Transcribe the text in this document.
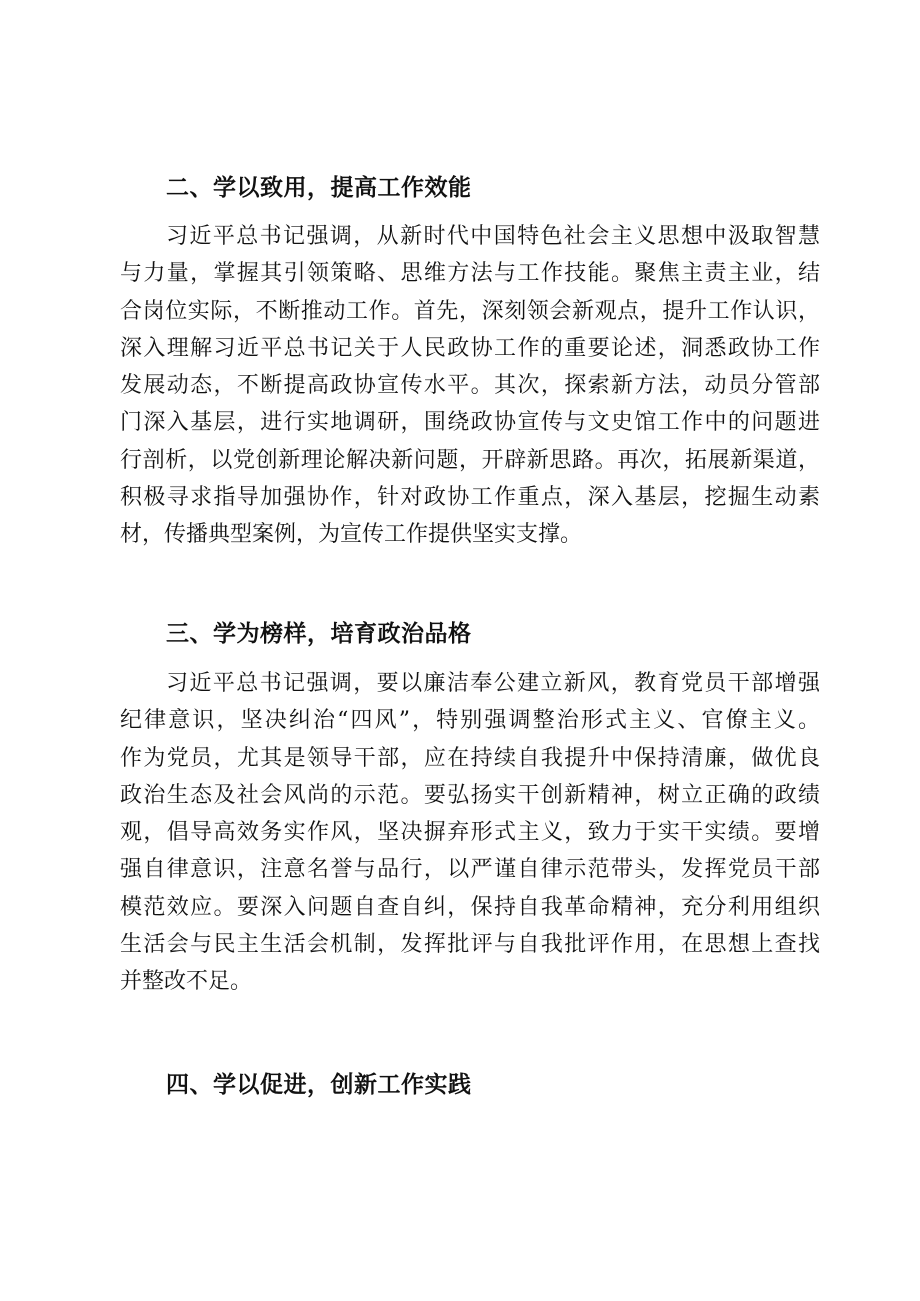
二、学以致用，提高工作效能
习近平总书记强调，从新时代中国特色社会主义思想中汲取智慧
与力量，掌握其引领策略、思维方法与工作技能。聚焦主责主业，结
合岗位实际，不断推动工作。首先，深刻领会新观点，提升工作认识，
深入理解习近平总书记关于人民政协工作的重要论述，洞悉政协工作
发展动态，不断提高政协宣传水平。其次，探索新方法，动员分管部
门深入基层，进行实地调研，围绕政协宣传与文史馆工作中的问题进
行剖析，以党创新理论解决新问题，开辟新思路。再次，拓展新渠道，
积极寻求指导加强协作，针对政协工作重点，深入基层，挖掘生动素
材，传播典型案例，为宣传工作提供坚实支撑。
三、学为榜样，培育政治品格
习近平总书记强调，要以廉洁奉公建立新风，教育党员干部增强
纪律意识，坚决纠治“四风”，特别强调整治形式主义、官僚主义。
作为党员，尤其是领导干部，应在持续自我提升中保持清廉，做优良
政治生态及社会风尚的示范。要弘扬实干创新精神，树立正确的政绩
观，倡导高效务实作风，坚决摒弃形式主义，致力于实干实绩。要增
强自律意识，注意名誉与品行，以严谨自律示范带头，发挥党员干部
模范效应。要深入问题自查自纠，保持自我革命精神，充分利用组织
生活会与民主生活会机制，发挥批评与自我批评作用，在思想上查找
并整改不足。
四、学以促进，创新工作实践
